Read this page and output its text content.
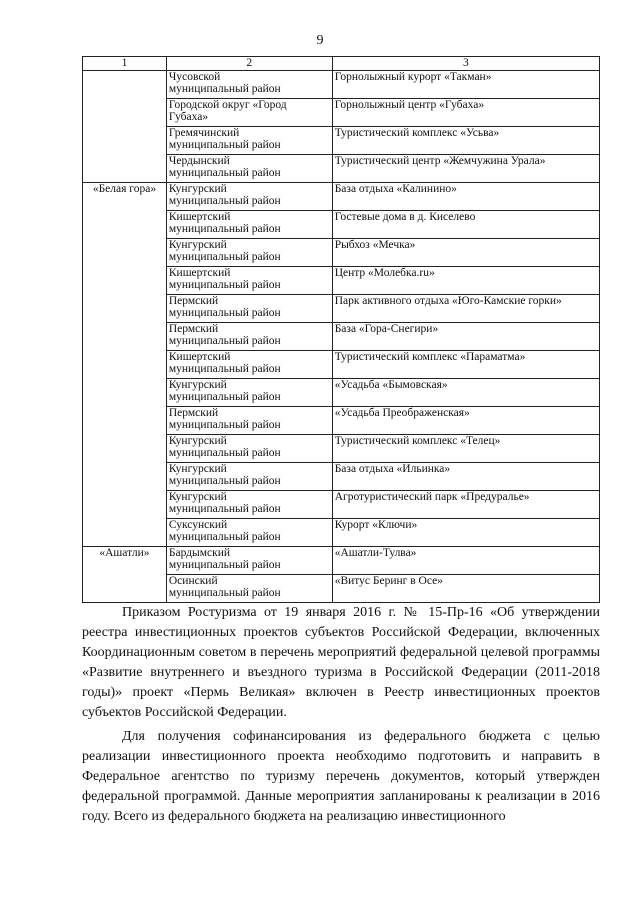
9
1	2	3

	Чусовской
муниципальный район	Горнолыжный курорт «Такман»

	Городской округ «Город
Губаха»	Горнолыжный центр «Губаха»

	Гремячинский
муниципальный район	Туристический комплекс «Усьва»

	Чердынский
муниципальный район	Туристический центр «Жемчужина Урала»
«Белая гора»	Кунгурский
муниципальный район	База отдыха «Калинино»

	Кишертский
муниципальный район	Гостевые дома в д. Киселево

	Кунгурский
муниципальный район	Рыбхоз «Мечка»

	Кишертский
муниципальный район	Центр «Молебка.ru»

	Пермский
муниципальный район	Парк активного отдыха «Юго-Камские горки»

	Пермский
муниципальный район	База «Гора-Снегири»

	Кишертский
муниципальный район	Туристический комплекс «Параматма»

	Кунгурский
муниципальный район	«Усадьба «Бымовская»

	Пермский
муниципальный район	«Усадьба Преображенская»

	Кунгурский
муниципальный район	Туристический комплекс «Телец»

	Кунгурский
муниципальный район	База отдыха «Ильинка»

	Кунгурский
муниципальный район	Агротуристический парк «Предуралье»

	Суксунский
муниципальный район	Курорт «Ключи»
«Ашатли»	Бардымский
муниципальный район	«Ашатли-Тулва»

	Осинский
муниципальный район	«Витус Беринг в Осе»

Приказом Ростуризма от 19 января 2016 г. № 15-Пр-16 «Об утверждении реестра инвестиционных проектов субъектов Российской Федерации, включенных Координационным советом в перечень мероприятий федеральной целевой программы «Развитие внутреннего и въездного туризма в Российской Федерации (2011-2018 годы)» проект «Пермь Великая» включен в Реестр инвестиционных проектов субъектов Российской Федерации.

Для получения софинансирования из федерального бюджета с целью реализации инвестиционного проекта необходимо подготовить и направить в Федеральное агентство по туризму перечень документов, который утвержден федеральной программой. Данные мероприятия запланированы к реализации в 2016 году. Всего из федерального бюджета на реализацию инвестиционного
